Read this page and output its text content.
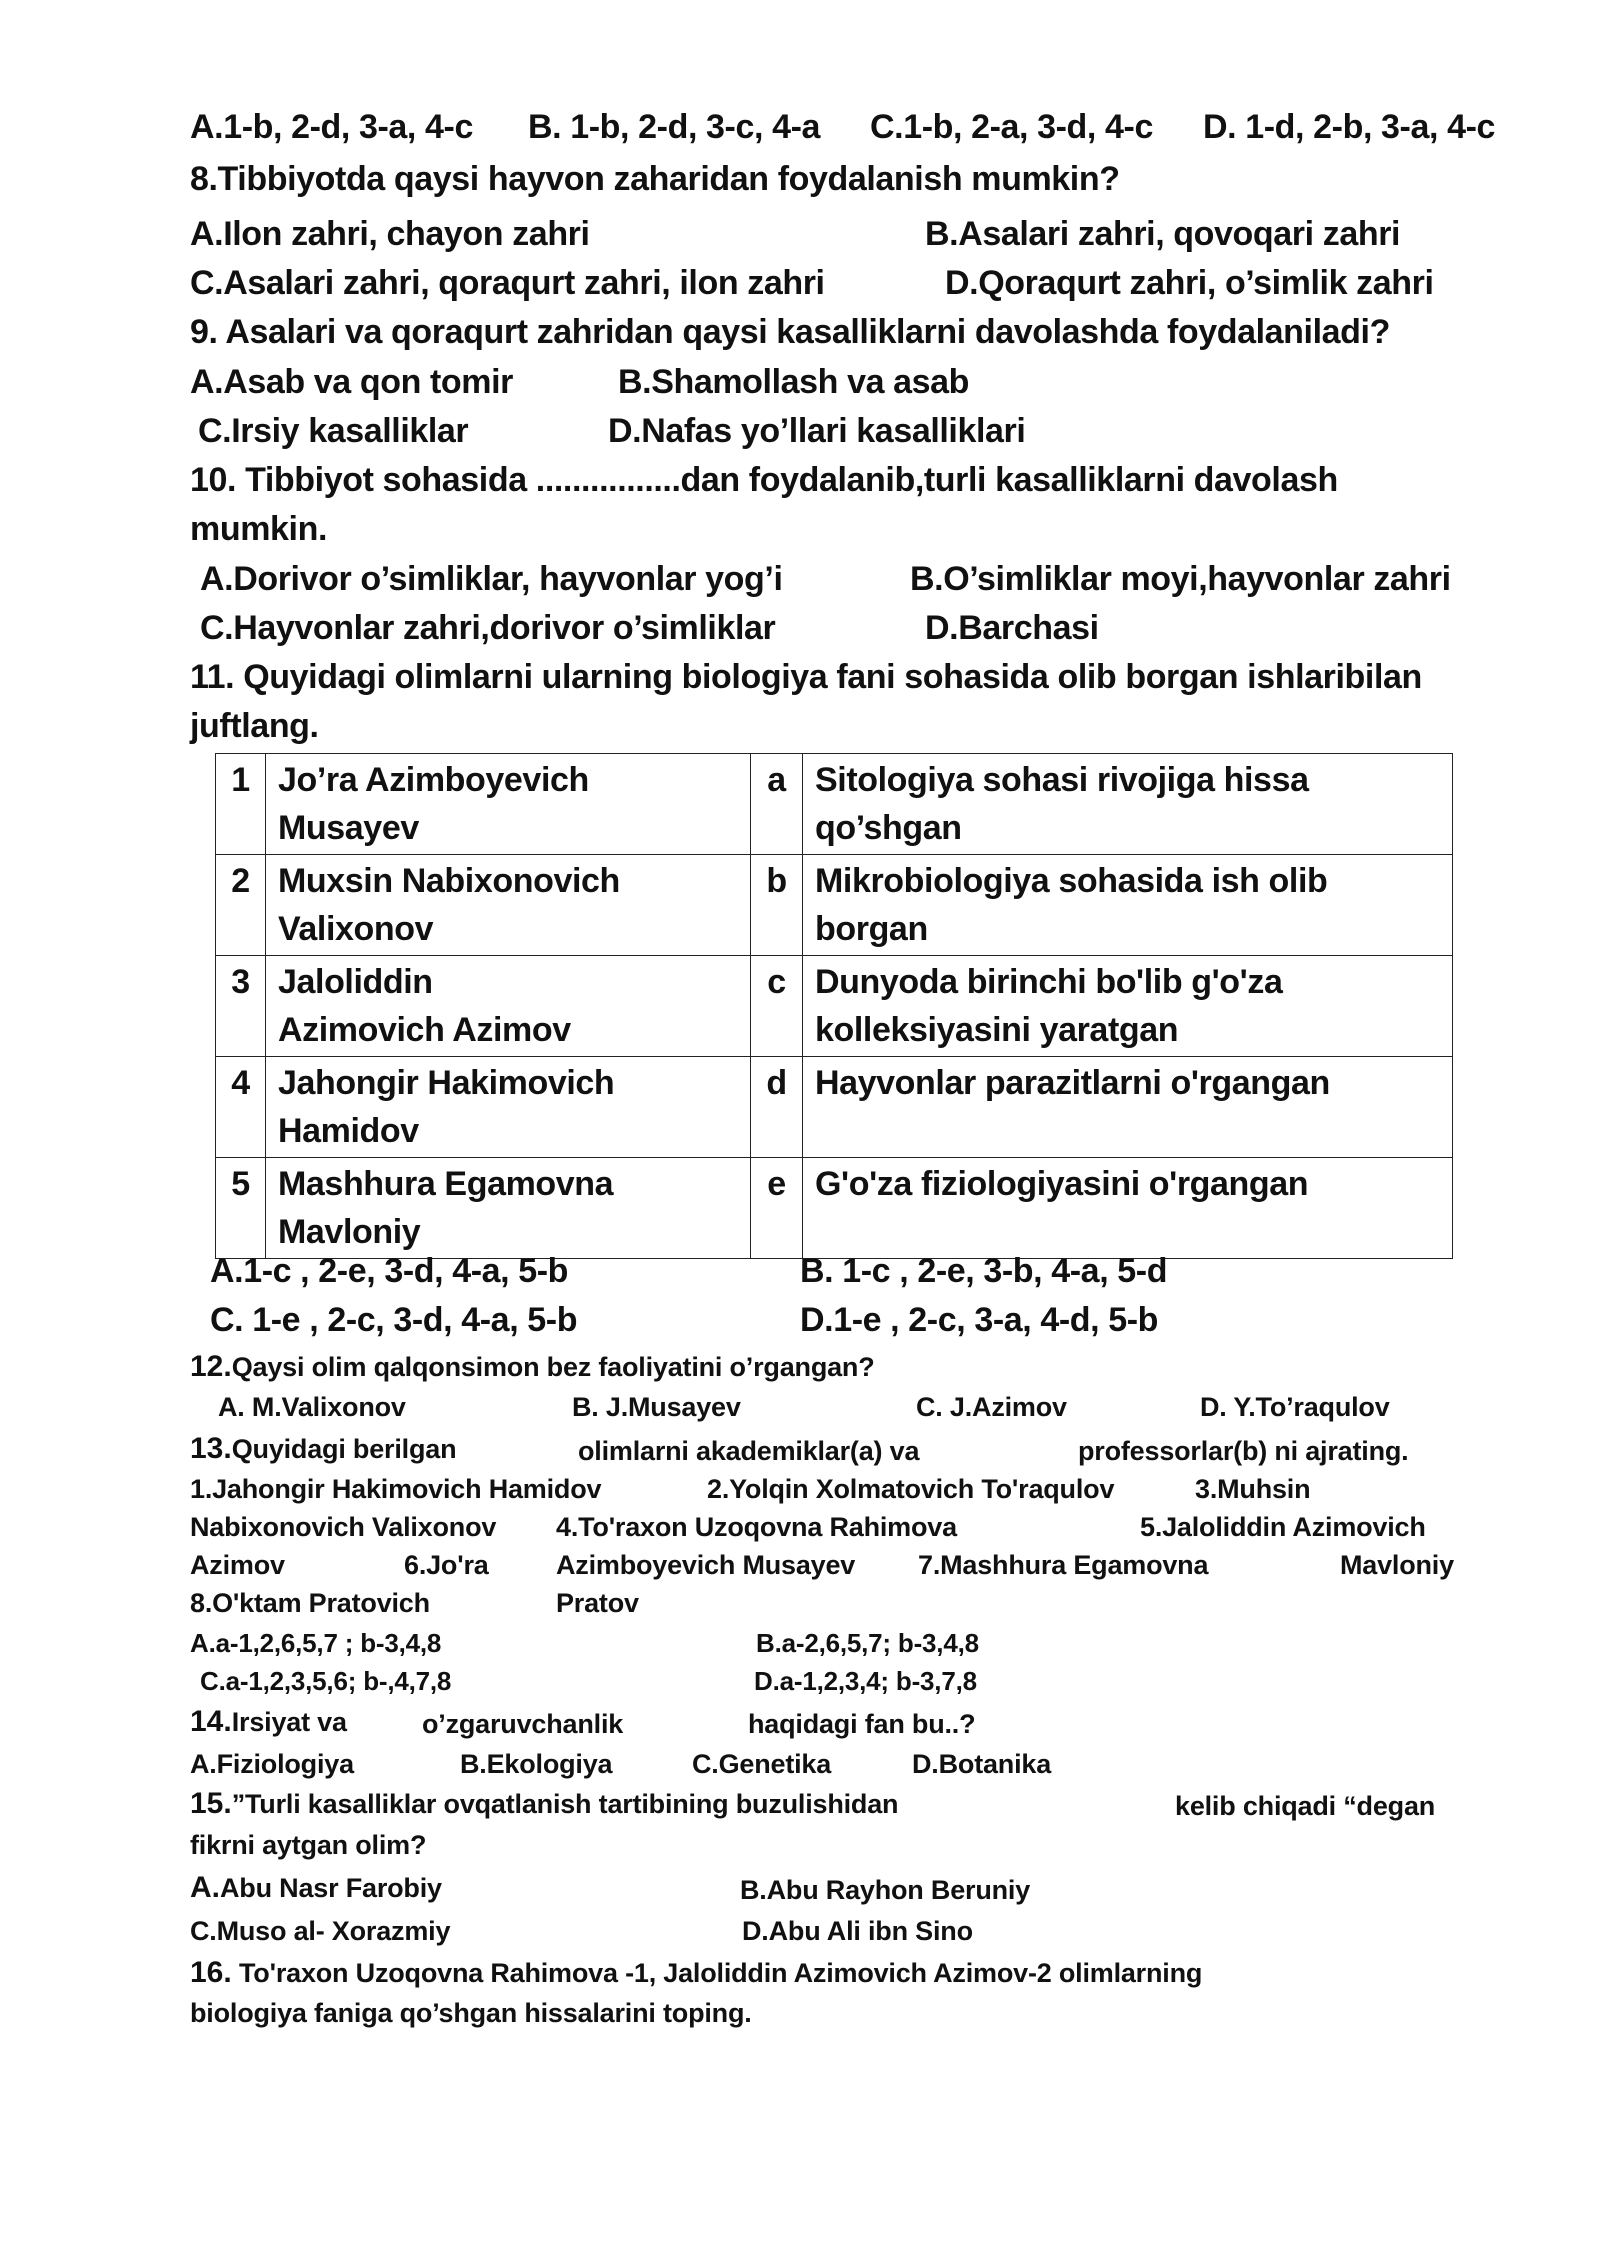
A.1-b, 2-d, 3-a, 4-c B. 1-b, 2-d, 3-c, 4-a C.1-b, 2-a, 3-d, 4-c D. 1-d, 2-b, 3-a, 4-c
8.Tibbiyotda qaysi hayvon zaharidan foydalanish mumkin?
A.Ilon zahri, chayon zahri	B.Asalari zahri, qovoqari zahri
C.Asalari zahri, qoraqurt zahri, ilon zahri	D.Qoraqurt zahri, o’simlik zahri
9. Asalari va qoraqurt zahridan qaysi kasalliklarni davolashda foydalaniladi?
A.Asab va qon tomir	B.Shamollash va asab
C.Irsiy kasalliklar	D.Nafas yo’llari kasalliklari
10. Tibbiyot sohasida ................dan foydalanib,turli kasalliklarni davolash
mumkin.
A.Dorivor o’simliklar, hayvonlar yog’i	B.O’simliklar moyi,hayvonlar zahri
C.Hayvonlar zahri,dorivor o’simliklar	D.Barchasi
11. Quyidagi olimlarni ularning biologiya fani sohasida olib borgan ishlaribilan
juftlang.
1	Jo’ra Azimboyevich
Musayev	a	Sitologiya sohasi rivojiga hissa
qo’shgan
2	Muxsin Nabixonovich
Valixonov	b	Mikrobiologiya sohasida ish olib
borgan
3	Jaloliddin
Azimovich Azimov	c	Dunyoda birinchi bo'lib g'o'za
kolleksiyasini yaratgan
4	Jahongir Hakimovich
Hamidov	d	Hayvonlar parazitlarni o'rgangan

5	Mashhura Egamovna
Mavloniy	e	G'o'za fiziologiyasini o'rgangan

A.1-c , 2-e, 3-d, 4-a, 5-b	B. 1-c , 2-e, 3-b, 4-a, 5-d
C. 1-e , 2-c, 3-d, 4-a, 5-b	D.1-e , 2-c, 3-a, 4-d, 5-b
12.Qaysi olim qalqonsimon bez faoliyatini o’rgangan?
A. M.Valixonov	B. J.Musayev	C. J.Azimov	D. Y.To’raqulov
13.Quyidagi berilgan	olimlarni akademiklar(a) va	professorlar(b) ni ajrating.
1.Jahongir Hakimovich Hamidov	2.Yolqin Xolmatovich To'raqulov	3.Muhsin
Nabixonovich Valixonov 4.To'raxon Uzoqovna Rahimova	5.Jaloliddin Azimovich
Azimov	6.Jo'ra Azimboyevich Musayev 7.Mashhura Egamovna	Mavloniy
8.O'ktam Pratovich	Pratov
A.a-1,2,6,5,7 ; b-3,4,8	B.a-2,6,5,7; b-3,4,8
C.a-1,2,3,5,6; b-,4,7,8	D.a-1,2,3,4; b-3,7,8
14.Irsiyat va	o’zgaruvchanlik	haqidagi fan bu..?
A.Fiziologiya	B.Ekologiya	C.Genetika	D.Botanika
15.”Turli kasalliklar ovqatlanish tartibining buzulishidan	kelib chiqadi “degan
fikrni aytgan olim?
A.Abu Nasr Farobiy	B.Abu Rayhon Beruniy
C.Muso al- Xorazmiy	D.Abu Ali ibn Sino
16. To'raxon Uzoqovna Rahimova -1, Jaloliddin Azimovich Azimov-2 olimlarning
biologiya faniga qo’shgan hissalarini toping.
